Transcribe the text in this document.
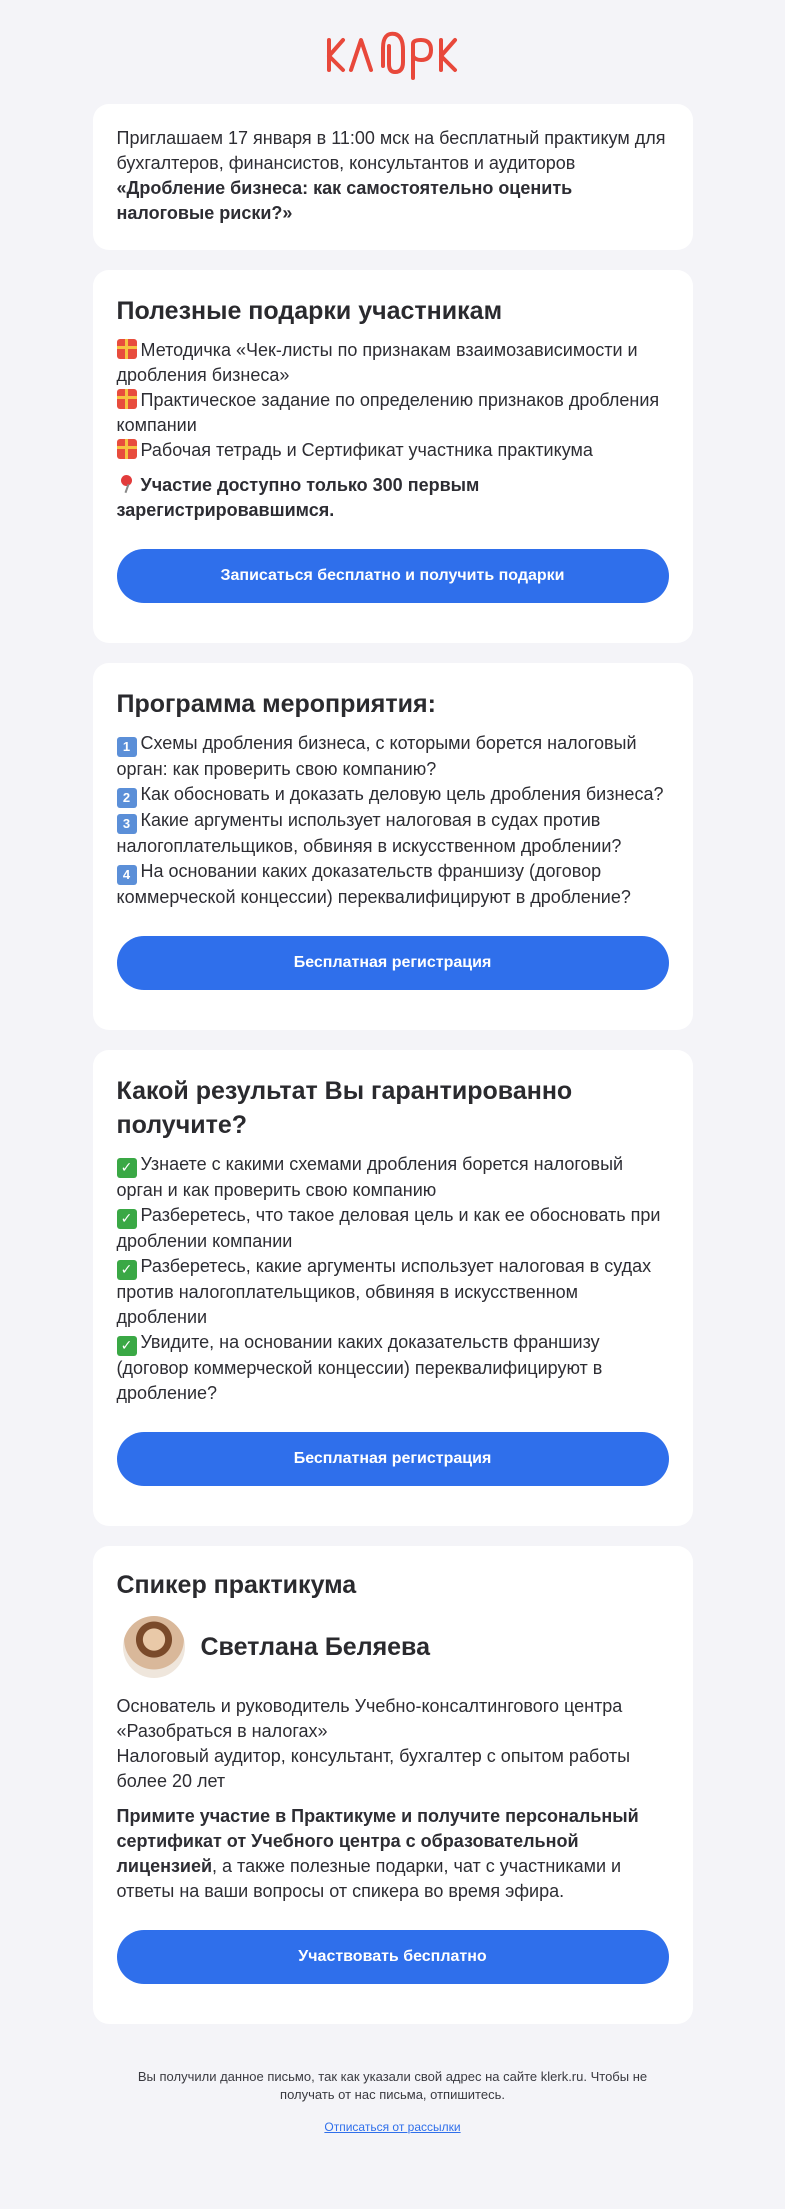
Приглашаем 17 января в 11:00 мск на бесплатный практикум для бухгалтеров, финансистов, консультантов и аудиторов «Дробление бизнеса: как самостоятельно оценить налоговые риски?»

Полезные подарки участникам
Методичка «Чек-листы по признакам взаимозависимости и дробления бизнеса»
Практическое задание по определению признаков дробления компании
Рабочая тетрадь и Сертификат участника практикума

Участие доступно только 300 первым зарегистрировавшимся.

Записаться бесплатно и получить подарки
Программа мероприятия:
1 Схемы дробления бизнеса, с которыми борется налоговый орган: как проверить свою компанию?
2 Как обосновать и доказать деловую цель дробления бизнеса?
3 Какие аргументы использует налоговая в судах против налогоплательщиков, обвиняя в искусственном дроблении?
4 На основании каких доказательств франшизу (договор коммерческой концессии) переквалифицируют в дробление?
Бесплатная регистрация
Какой результат Вы гарантированно получите?
✓ Узнаете с какими схемами дробления борется налоговый орган и как проверить свою компанию
✓ Разберетесь, что такое деловая цель и как ее обосновать при дроблении компании
✓ Разберетесь, какие аргументы использует налоговая в судах против налогоплательщиков, обвиняя в искусственном дроблении
✓ Увидите, на основании каких доказательств франшизу (договор коммерческой концессии) переквалифицируют в дробление?
Бесплатная регистрация
Спикер практикума
Светлана Беляева

Основатель и руководитель Учебно-консалтингового центра «Разобраться в налогах»

Налоговый аудитор, консультант, бухгалтер с опытом работы более 20 лет

Примите участие в Практикуме и получите персональный сертификат от Учебного центра с образовательной лицензией, а также полезные подарки, чат с участниками и ответы на ваши вопросы от спикера во время эфира.

Участвовать бесплатно

Вы получили данное письмо, так как указали свой адрес на сайте klerk.ru. Чтобы не получать от нас письма, отпишитесь.

Отписаться от рассылки
